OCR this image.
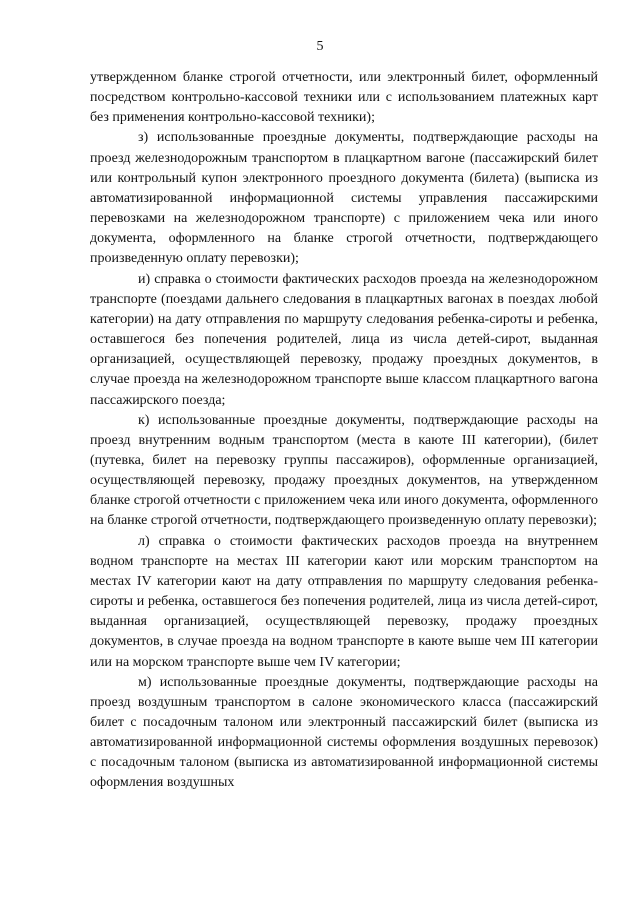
5

утвержденном бланке строгой отчетности, или электронный билет, оформленный посредством контрольно-кассовой техники или с использованием платежных карт без применения контрольно-кассовой техники);

з) использованные проездные документы, подтверждающие расходы на проезд железнодорожным транспортом в плацкартном вагоне (пассажирский билет или контрольный купон электронного проездного документа (билета) (выписка из автоматизированной информационной системы управления пассажирскими перевозками на железнодорожном транспорте) с приложением чека или иного документа, оформленного на бланке строгой отчетности, подтверждающего произведенную оплату перевозки);

и) справка о стоимости фактических расходов проезда на железнодорожном транспорте (поездами дальнего следования в плацкартных вагонах в поездах любой категории) на дату отправления по маршруту следования ребенка-сироты и ребенка, оставшегося без попечения родителей, лица из числа детей-сирот, выданная организацией, осуществляющей перевозку, продажу проездных документов, в случае проезда на железнодорожном транспорте выше классом плацкартного вагона пассажирского поезда;

к) использованные проездные документы, подтверждающие расходы на проезд внутренним водным транспортом (места в каюте III категории), (билет (путевка, билет на перевозку группы пассажиров), оформленные организацией, осуществляющей перевозку, продажу проездных документов, на утвержденном бланке строгой отчетности с приложением чека или иного документа, оформленного на бланке строгой отчетности, подтверждающего произведенную оплату перевозки);

л) справка о стоимости фактических расходов проезда на внутреннем водном транспорте на местах III категории кают или морским транспортом на местах IV категории кают на дату отправления по маршруту следования ребенка-сироты и ребенка, оставшегося без попечения родителей, лица из числа детей-сирот, выданная организацией, осуществляющей перевозку, продажу проездных документов, в случае проезда на водном транспорте в каюте выше чем III категории или на морском транспорте выше чем IV категории;

м) использованные проездные документы, подтверждающие расходы на проезд воздушным транспортом в салоне экономического класса (пассажирский билет с посадочным талоном или электронный пассажирский билет (выписка из автоматизированной информационной системы оформления воздушных перевозок) с посадочным талоном (выписка из автоматизированной информационной системы оформления воздушных
